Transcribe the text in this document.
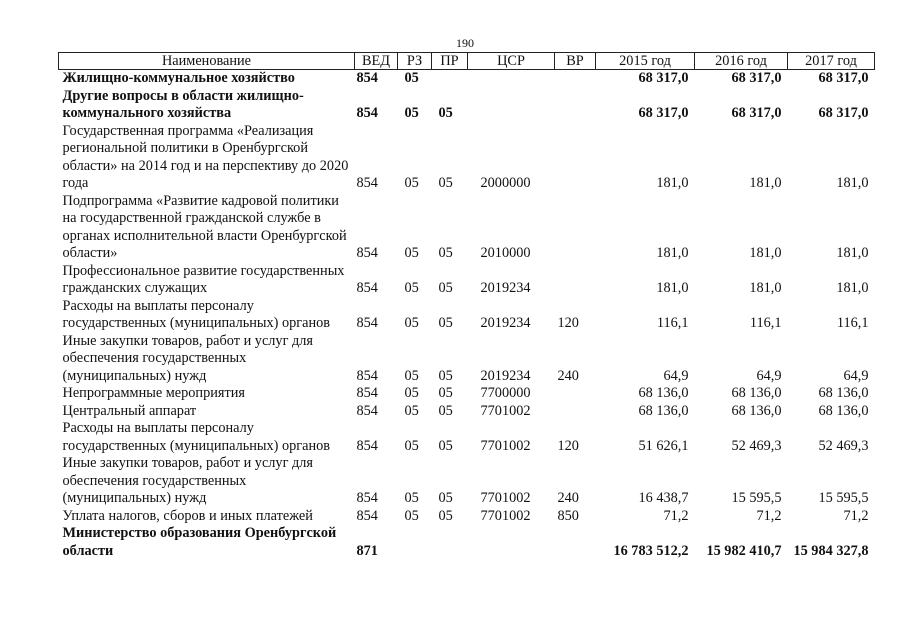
190
Наименование	ВЕД	РЗ	ПР	ЦСР	ВР	2015 год	2016 год	2017 год
Жилищно-коммунальное хозяйство	854	05				68 317,0	68 317,0	68 317,0
Другие вопросы в области жилищно-коммунального хозяйства	854	05	05			68 317,0	68 317,0	68 317,0
Государственная программа «Реализация региональной политики в Оренбургской области» на 2014 год и на перспективу до 2020 года	854	05	05	2000000		181,0	181,0	181,0
Подпрограмма «Развитие кадровой политики на государственной гражданской службе в органах исполнительной власти Оренбургской области»	854	05	05	2010000		181,0	181,0	181,0
Профессиональное развитие государственных гражданских служащих	854	05	05	2019234		181,0	181,0	181,0
Расходы на выплаты персоналу государственных (муниципальных) органов	854	05	05	2019234	120	116,1	116,1	116,1
Иные закупки товаров, работ и услуг для обеспечения государственных (муниципальных) нужд	854	05	05	2019234	240	64,9	64,9	64,9
Непрограммные мероприятия	854	05	05	7700000		68 136,0	68 136,0	68 136,0
Центральный аппарат	854	05	05	7701002		68 136,0	68 136,0	68 136,0
Расходы на выплаты персоналу государственных (муниципальных) органов	854	05	05	7701002	120	51 626,1	52 469,3	52 469,3
Иные закупки товаров, работ и услуг для обеспечения государственных (муниципальных) нужд	854	05	05	7701002	240	16 438,7	15 595,5	15 595,5
Уплата налогов, сборов и иных платежей	854	05	05	7701002	850	71,2	71,2	71,2
Министерство образования Оренбургской области	871					16 783 512,2	15 982 410,7	15 984 327,8
